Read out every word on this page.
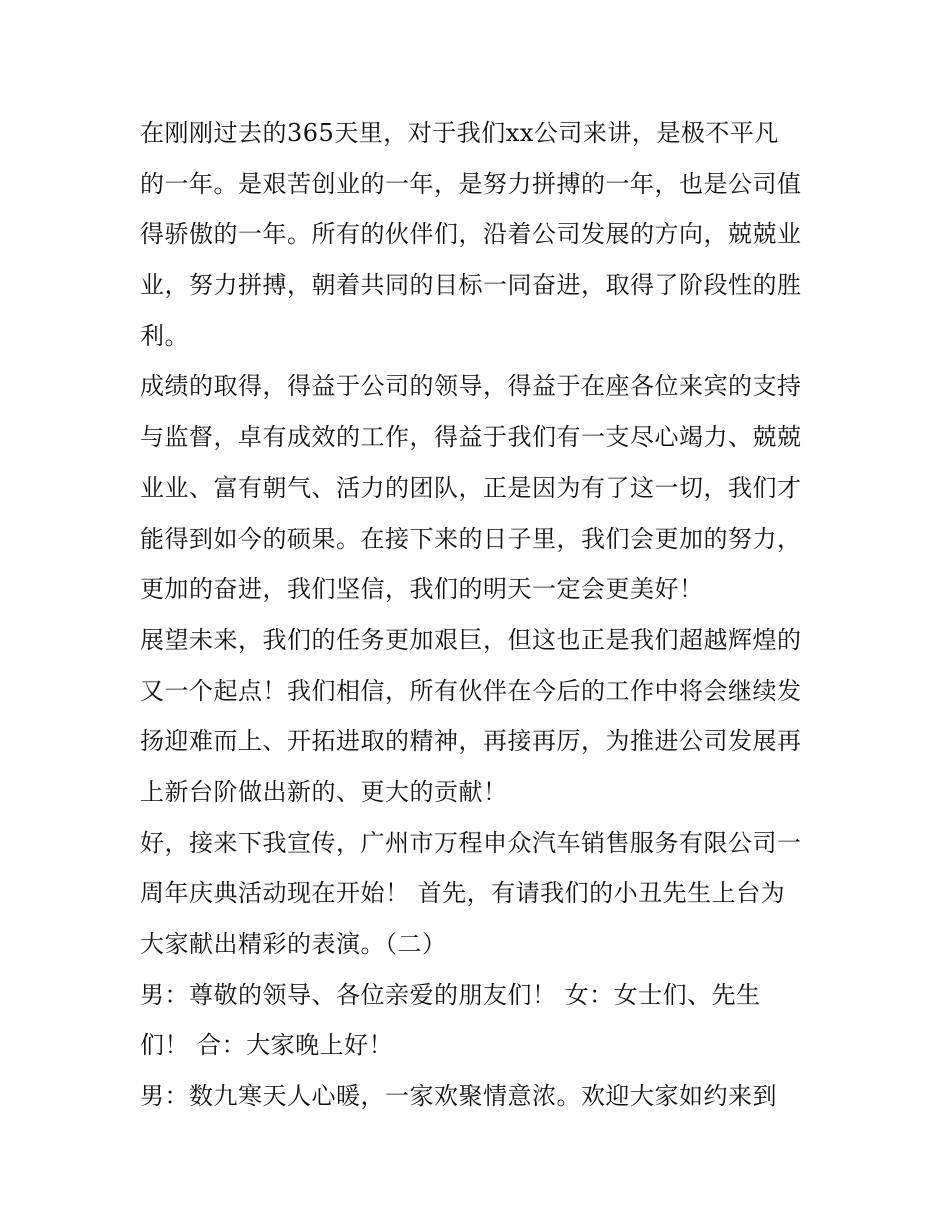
在刚刚过去的365天里，对于我们xx公司来讲，是极不平凡
的一年。是艰苦创业的一年，是努力拼搏的一年，也是公司值
得骄傲的一年。所有的伙伴们，沿着公司发展的方向，兢兢业
业，努力拼搏，朝着共同的目标一同奋进，取得了阶段性的胜
利。
成绩的取得，得益于公司的领导，得益于在座各位来宾的支持
与监督，卓有成效的工作，得益于我们有一支尽心竭力、兢兢
业业、富有朝气、活力的团队，正是因为有了这一切，我们才
能得到如今的硕果。在接下来的日子里，我们会更加的努力，
更加的奋进，我们坚信，我们的明天一定会更美好！
展望未来，我们的任务更加艰巨，但这也正是我们超越辉煌的
又一个起点！我们相信，所有伙伴在今后的工作中将会继续发
扬迎难而上、开拓进取的精神，再接再厉，为推进公司发展再
上新台阶做出新的、更大的贡献！
好，接来下我宣传，广州市万程申众汽车销售服务有限公司一
周年庆典活动现在开始！ 首先，有请我们的小丑先生上台为
大家献出精彩的表演。（二）
男：尊敬的领导、各位亲爱的朋友们！ 女：女士们、先生
们！ 合：大家晚上好！
男：数九寒天人心暖，一家欢聚情意浓。欢迎大家如约来到
